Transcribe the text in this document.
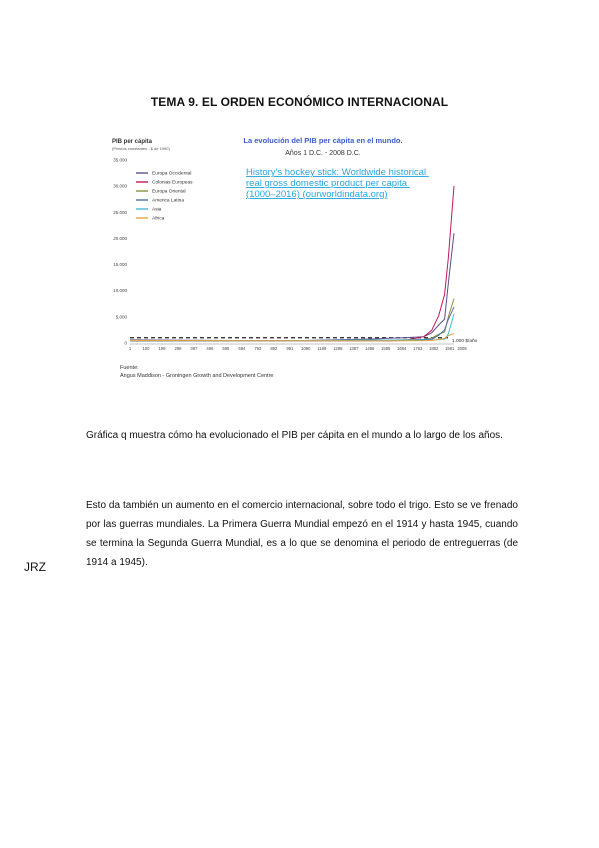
TEMA 9. EL ORDEN ECONÓMICO INTERNACIONAL
PIB per cápita
(Precios constantes - $ de 1990)
La evolución del PIB per cápita en el mundo.
Años 1 D.C. - 2008 D.C.
History's hockey stick: Worldwide historical real gross domestic product per capita (1000–2016) (ourworldindata.org)
35.000
30.000
25.000
20.000
15.000
10.000
5.000
0
Europa Occidental
Colonias Europeas
Europa Oriental
America Latina
Asia
Africa
1.000 $/año
1	100 199 298 397 496 595 694 793 892 991 1090 1189 1288 1387 1486 1585 1684 1783 1882 1981 2008
Fuente:
Angus Maddison - Groningen Growth and Development Centre

Gráfica q muestra cómo ha evolucionado el PIB per cápita en el mundo a lo largo de los años.

Esto da también un aumento en el comercio internacional, sobre todo el trigo. Esto se ve frenado por las guerras mundiales. La Primera Guerra Mundial empezó en el 1914 y hasta 1945, cuando se termina la Segunda Guerra Mundial, es a lo que se denomina el periodo de entreguerras (de 1914 a 1945).

JRZ
